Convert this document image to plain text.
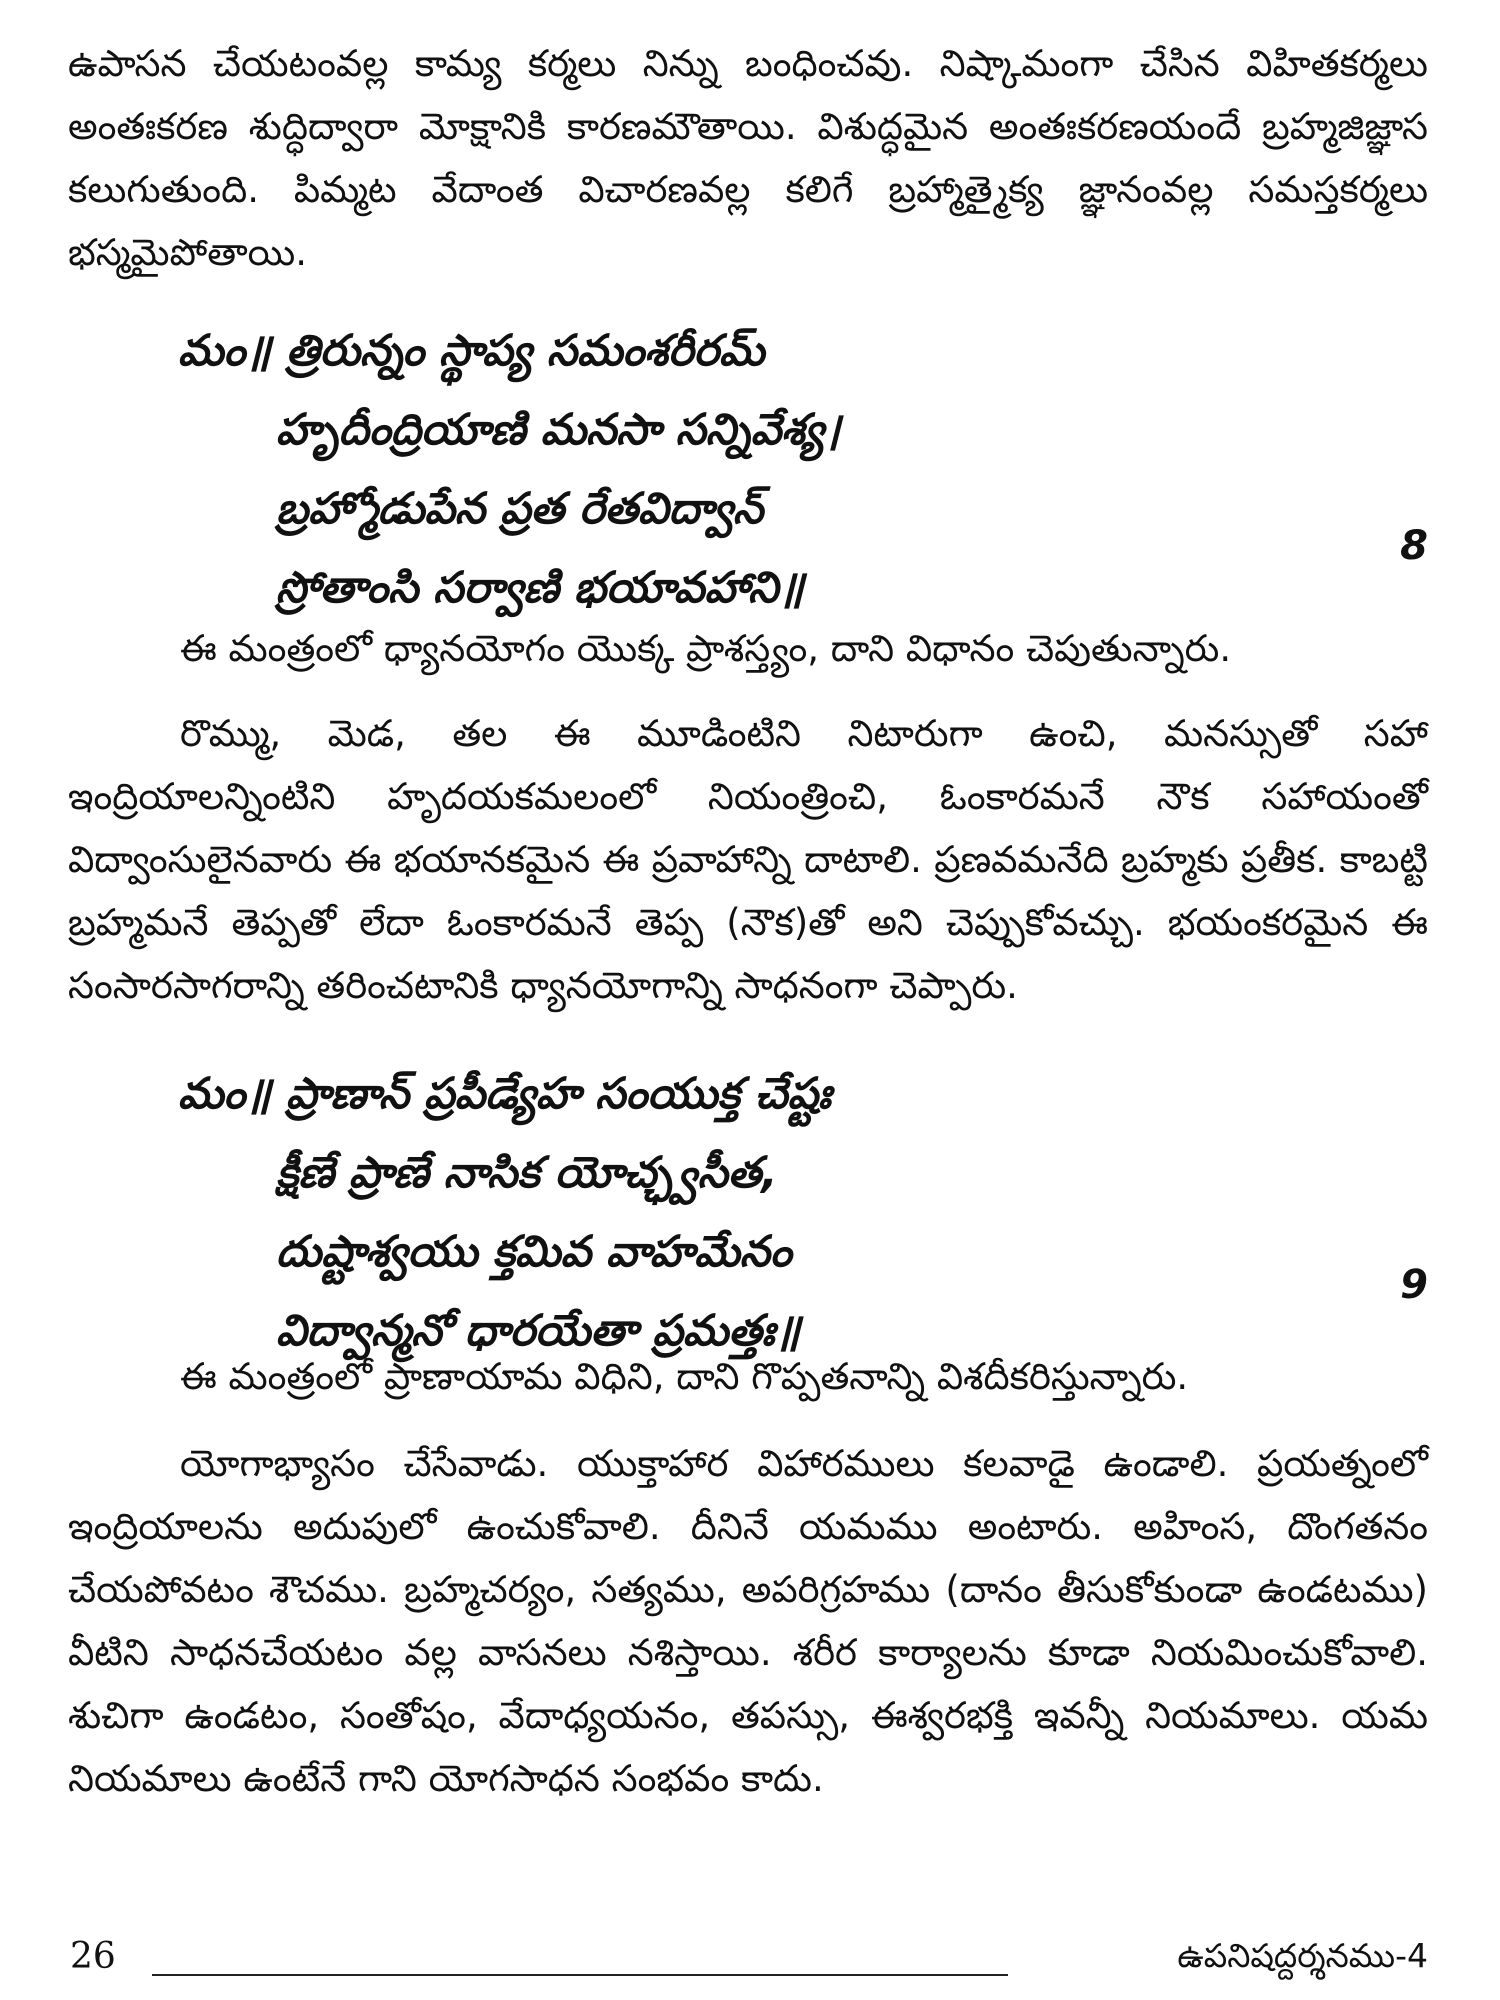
ఉపాసన చేయటంవల్ల కామ్య కర్మలు నిన్ను బంధించవు. నిష్కామంగా చేసిన విహితకర్మలు అంతఃకరణ శుద్ధిద్వారా మోక్షానికి కారణమౌతాయి. విశుద్ధమైన అంతఃకరణయందే బ్రహ్మజిజ్ఞాస కలుగుతుంది. పిమ్మట వేదాంత విచారణవల్ల కలిగే బ్రహ్మాత్మైక్య జ్ఞానంవల్ల సమస్తకర్మలు భస్మమైపోతాయి.

మం॥ త్రిరున్నం స్థాప్య సమంశరీరమ్
హృదీంద్రియాణి మనసా సన్నివేశ్య।
బ్రహ్మోడుపేన ప్రత రేతవిద్వాన్
స్రోతాంసి సర్వాణి భయావహాని॥
8

ఈ మంత్రంలో ధ్యానయోగం యొక్క ప్రాశస్త్యం, దాని విధానం చెపుతున్నారు.

రొమ్ము, మెడ, తల ఈ మూడింటిని నిటారుగా ఉంచి, మనస్సుతో సహా ఇంద్రియాలన్నింటిని హృదయకమలంలో నియంత్రించి, ఓంకారమనే నౌక సహాయంతో విద్వాంసులైనవారు ఈ భయానకమైన ఈ ప్రవాహాన్ని దాటాలి. ప్రణవమనేది బ్రహ్మకు ప్రతీక. కాబట్టి బ్రహ్మమనే తెప్పతో లేదా ఓంకారమనే తెప్ప (నౌక)తో అని చెప్పుకోవచ్చు. భయంకరమైన ఈ సంసారసాగరాన్ని తరించటానికి ధ్యానయోగాన్ని సాధనంగా చెప్పారు.

మం॥ ప్రాణాన్ ప్రపీడ్యేహ సంయుక్త చేష్టః
క్షీణే ప్రాణే నాసిక యోచ్ఛ్వసీత,
దుష్టాశ్వయు క్తమివ వాహమేనం
విద్వాన్మనో ధారయేతా ప్రమత్తః॥
9

ఈ మంత్రంలో ప్రాణాయామ విధిని, దాని గొప్పతనాన్ని విశదీకరిస్తున్నారు.

యోగాభ్యాసం చేసేవాడు. యుక్తాహార విహారములు కలవాడై ఉండాలి. ప్రయత్నంలో ఇంద్రియాలను అదుపులో ఉంచుకోవాలి. దీనినే యమము అంటారు. అహింస, దొంగతనం చేయపోవటం శౌచము. బ్రహ్మచర్యం, సత్యము, అపరిగ్రహము (దానం తీసుకోకుండా ఉండటము) వీటిని సాధనచేయటం వల్ల వాసనలు నశిస్తాయి. శరీర కార్యాలను కూడా నియమించుకోవాలి. శుచిగా ఉండటం, సంతోషం, వేదాధ్యయనం, తపస్సు, ఈశ్వరభక్తి ఇవన్నీ నియమాలు. యమ నియమాలు ఉంటేనే గాని యోగసాధన సంభవం కాదు.

26	ఉపనిషద్దర్శనము-4
